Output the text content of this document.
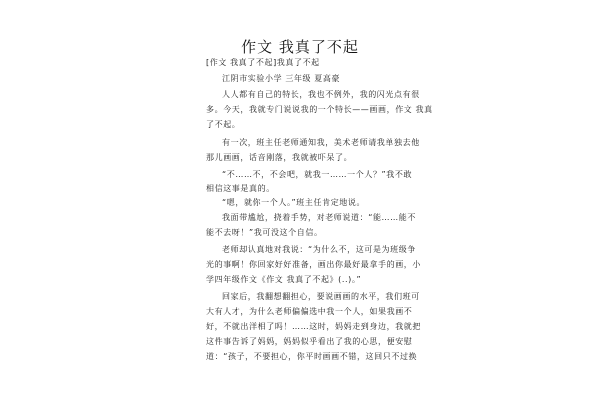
作文 我真了不起
[作文 我真了不起]我真了不起
江阴市实验小学 三年级 夏高豪
人人都有自己的特长，我也不例外，我的闪光点有很
多。今天，我就专门说说我的一个特长——画画，作文 我真
了不起。
有一次，班主任老师通知我，美术老师请我单独去他
那儿画画，话音刚落，我就被吓呆了。
“不……不，不会吧，就我一……一个人？”我不敢
相信这事是真的。
“嗯，就你一个人。”班主任肯定地说。
我面带尴尬，挠着手势，对老师说道：“能……能不
能不去呀！”我可没这个自信。
老师却认真地对我说：“为什么不，这可是为班级争
光的事啊！你回家好好准备，画出你最好最拿手的画，小
学四年级作文《作文 我真了不起》(..)。”
回家后，我翻想翻担心，要说画画的水平，我们班可
大有人才，为什么老师偏偏选中我一个人，如果我画不
好，不就出洋相了吗！……这时，妈妈走到身边，我就把
这件事告诉了妈妈，妈妈似乎看出了我的心思，便安慰
道：“孩子，不要担心，你平时画画不错，这回只不过换
